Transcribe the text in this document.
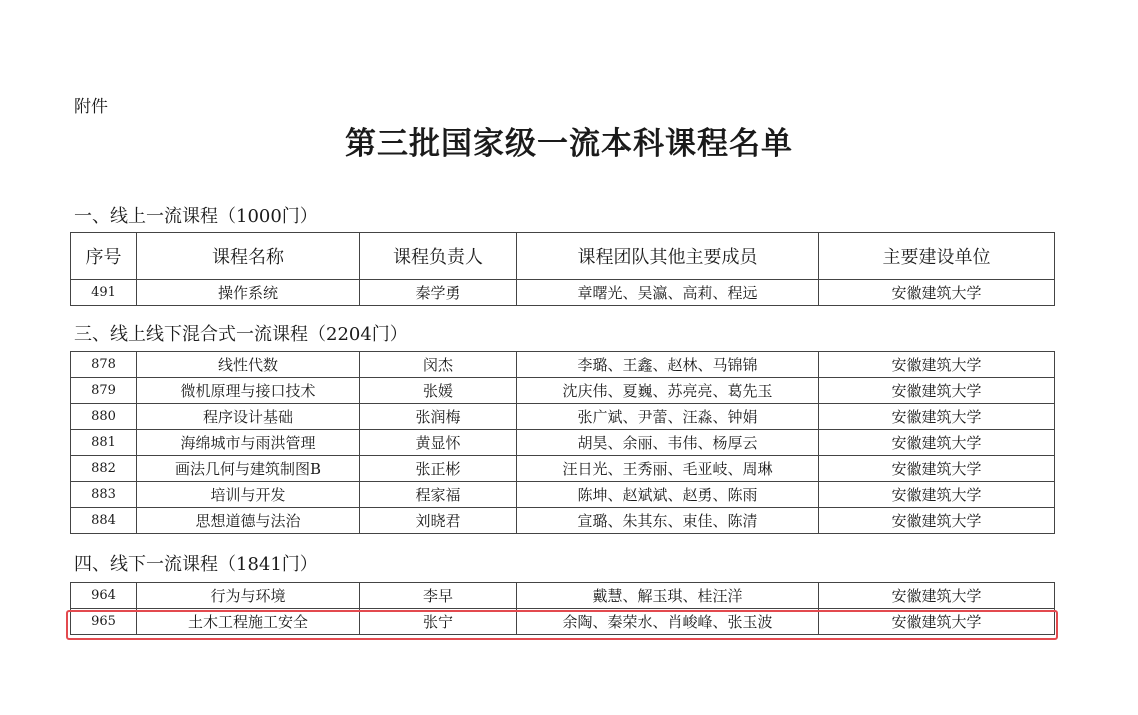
附件
第三批国家级一流本科课程名单
一、线上一流课程（1000门）
序号	课程名称	课程负责人	课程团队其他主要成员	主要建设单位
491	操作系统	秦学勇	章曙光、吴瀛、高莉、程远	安徽建筑大学
三、线上线下混合式一流课程（2204门）
878	线性代数	闵杰	李璐、王鑫、赵林、马锦锦	安徽建筑大学
879	微机原理与接口技术	张媛	沈庆伟、夏巍、苏亮亮、葛先玉	安徽建筑大学
880	程序设计基础	张润梅	张广斌、尹蕾、汪淼、钟娟	安徽建筑大学
881	海绵城市与雨洪管理	黄显怀	胡昊、余丽、韦伟、杨厚云	安徽建筑大学
882	画法几何与建筑制图B	张正彬	汪日光、王秀丽、毛亚岐、周琳	安徽建筑大学
883	培训与开发	程家福	陈坤、赵斌斌、赵勇、陈雨	安徽建筑大学
884	思想道德与法治	刘晓君	宣璐、朱其东、束佳、陈清	安徽建筑大学
四、线下一流课程（1841门）
964	行为与环境	李早	戴慧、解玉琪、桂汪洋	安徽建筑大学
965	土木工程施工安全	张宁	余陶、秦荣水、肖峻峰、张玉波	安徽建筑大学
